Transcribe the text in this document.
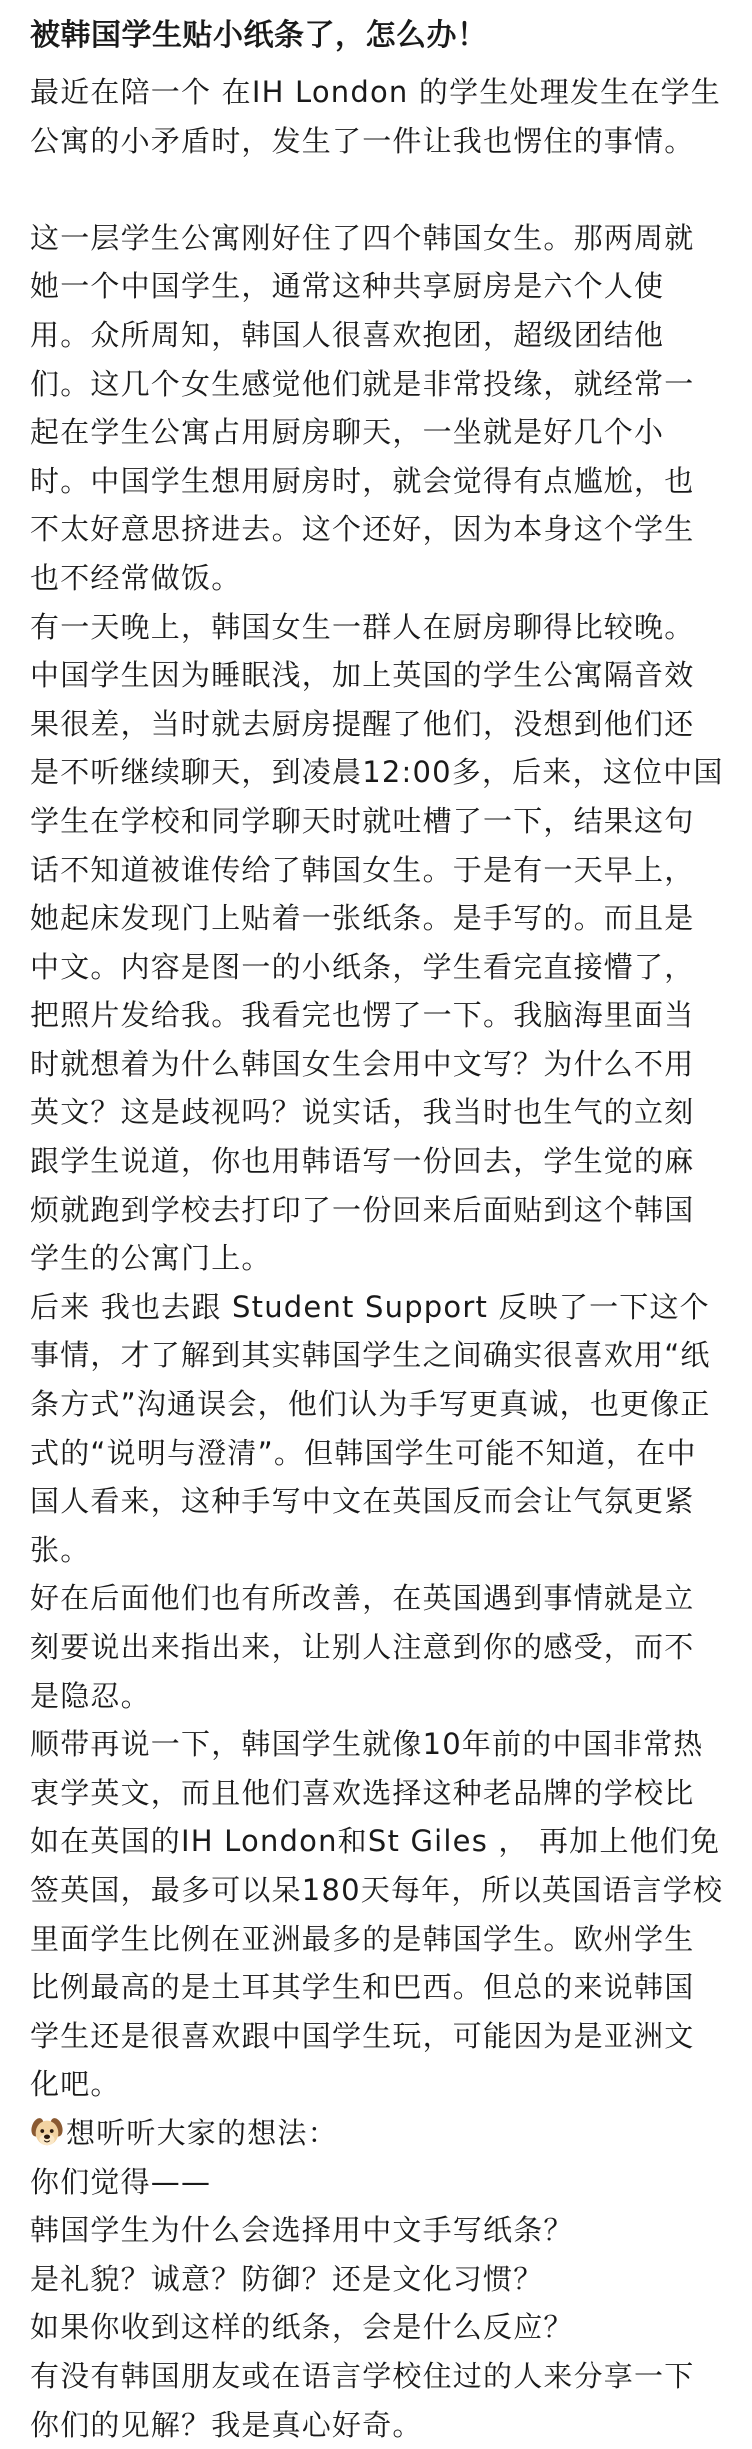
被韩国学生贴小纸条了，怎么办！

最近在陪一个 在IH London 的学生处理发生在学生公寓的小矛盾时，发生了一件让我也愣住的事情。

这一层学生公寓刚好住了四个韩国女生。那两周就她一个中国学生，通常这种共享厨房是六个人使用。众所周知，韩国人很喜欢抱团，超级团结他们。这几个女生感觉他们就是非常投缘，就经常一起在学生公寓占用厨房聊天，一坐就是好几个小时。中国学生想用厨房时，就会觉得有点尴尬，也不太好意思挤进去。这个还好，因为本身这个学生也不经常做饭。

有一天晚上，韩国女生一群人在厨房聊得比较晚。中国学生因为睡眠浅，加上英国的学生公寓隔音效果很差，当时就去厨房提醒了他们，没想到他们还是不听继续聊天，到凌晨12:00多，后来，这位中国学生在学校和同学聊天时就吐槽了一下，结果这句话不知道被谁传给了韩国女生。于是有一天早上，她起床发现门上贴着一张纸条。是手写的。而且是中文。内容是图一的小纸条，学生看完直接懵了，把照片发给我。我看完也愣了一下。我脑海里面当时就想着为什么韩国女生会用中文写？为什么不用英文？这是歧视吗？说实话，我当时也生气的立刻跟学生说道，你也用韩语写一份回去，学生觉的麻烦就跑到学校去打印了一份回来后面贴到这个韩国学生的公寓门上。

后来 我也去跟 Student Support 反映了一下这个事情，才了解到其实韩国学生之间确实很喜欢用“纸条方式”沟通误会，他们认为手写更真诚，也更像正式的“说明与澄清”。但韩国学生可能不知道，在中国人看来，这种手写中文在英国反而会让气氛更紧张。

好在后面他们也有所改善，在英国遇到事情就是立刻要说出来指出来，让别人注意到你的感受，而不是隐忍。

顺带再说一下，韩国学生就像10年前的中国非常热衷学英文，而且他们喜欢选择这种老品牌的学校比如在英国的IH London和St Giles ， 再加上他们免签英国，最多可以呆180天每年，所以英国语言学校里面学生比例在亚洲最多的是韩国学生。欧州学生比例最高的是土耳其学生和巴西。但总的来说韩国学生还是很喜欢跟中国学生玩，可能因为是亚洲文化吧。

想听听大家的想法：

你们觉得——

韩国学生为什么会选择用中文手写纸条？

是礼貌？诚意？防御？还是文化习惯？

如果你收到这样的纸条，会是什么反应？

有没有韩国朋友或在语言学校住过的人来分享一下你们的见解？我是真心好奇。
